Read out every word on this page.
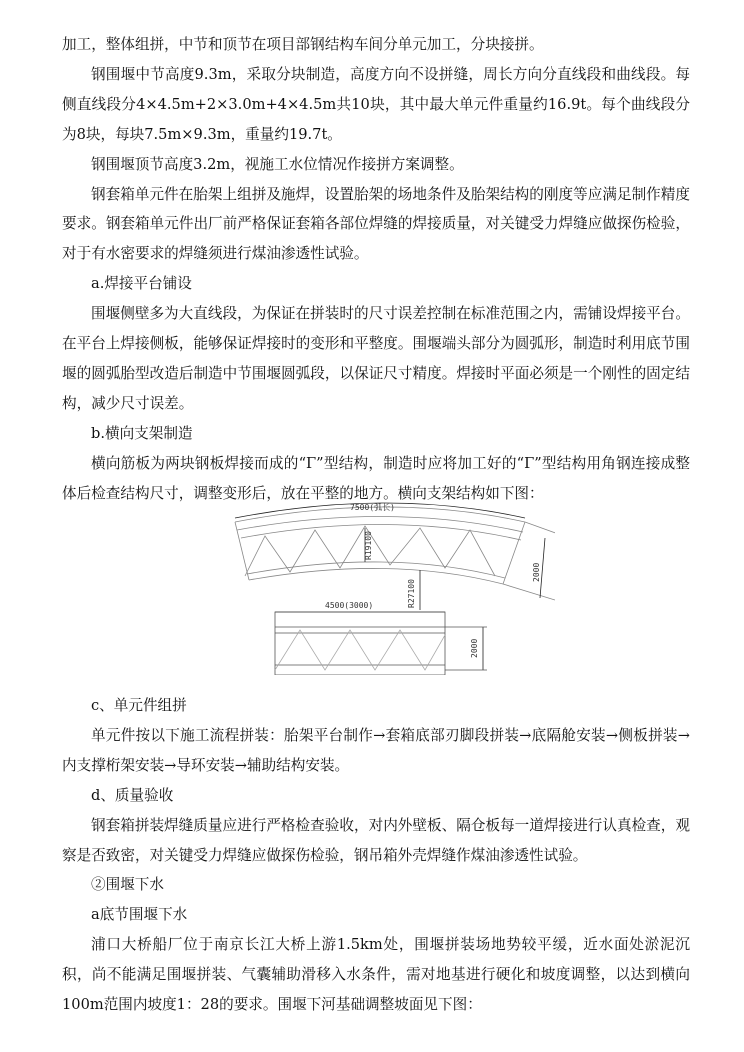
加工，整体组拼，中节和顶节在项目部钢结构车间分单元加工，分块接拼。

钢围堰中节高度9.3m，采取分块制造，高度方向不设拼缝，周长方向分直线段和曲线段。每侧直线段分4×4.5m+2×3.0m+4×4.5m共10块，其中最大单元件重量约16.9t。每个曲线段分为8块，每块7.5m×9.3m，重量约19.7t。

钢围堰顶节高度3.2m，视施工水位情况作接拼方案调整。

钢套箱单元件在胎架上组拼及施焊，设置胎架的场地条件及胎架结构的刚度等应满足制作精度要求。钢套箱单元件出厂前严格保证套箱各部位焊缝的焊接质量，对关键受力焊缝应做探伤检验，对于有水密要求的焊缝须进行煤油渗透性试验。

a.焊接平台铺设

围堰侧壁多为大直线段，为保证在拼装时的尺寸误差控制在标准范围之内，需铺设焊接平台。在平台上焊接侧板，能够保证焊接时的变形和平整度。围堰端头部分为圆弧形，制造时利用底节围堰的圆弧胎型改造后制造中节围堰圆弧段，以保证尺寸精度。焊接时平面必须是一个刚性的固定结构，减少尺寸误差。

b.横向支架制造

横向筋板为两块钢板焊接而成的“Γ”型结构，制造时应将加工好的“Γ”型结构用角钢连接成整体后检查结构尺寸，调整变形后，放在平整的地方。横向支架结构如下图：

7500(弧长)
R19100
R27100
2000
4500(3000)
2000

c、单元件组拼

单元件按以下施工流程拼装：胎架平台制作→套箱底部刃脚段拼装→底隔舱安装→侧板拼装→内支撑桁架安装→导环安装→辅助结构安装。

d、质量验收

钢套箱拼装焊缝质量应进行严格检查验收，对内外壁板、隔仓板每一道焊接进行认真检查，观察是否致密，对关键受力焊缝应做探伤检验，钢吊箱外壳焊缝作煤油渗透性试验。

②围堰下水

a底节围堰下水

浦口大桥船厂位于南京长江大桥上游1.5km处，围堰拼装场地势较平缓，近水面处淤泥沉积，尚不能满足围堰拼装、气囊辅助滑移入水条件，需对地基进行硬化和坡度调整，以达到横向100m范围内坡度1：28的要求。围堰下河基础调整坡面见下图：
